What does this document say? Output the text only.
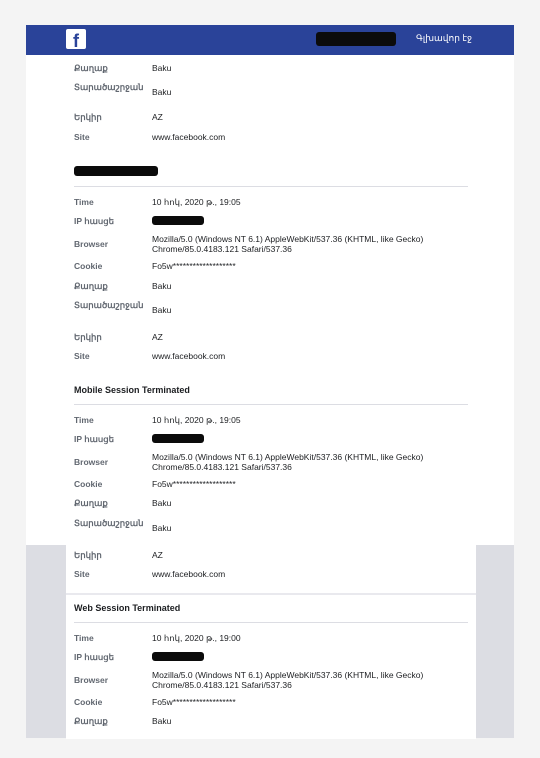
f	Գլխավոր էջ
Քաղաք	Baku
Տարածաշրջան Baku
Երկիր	AZ
Site	www.facebook.com
Time	10 հոկ, 2020 թ., 19:05
IP հասցե
Browser	Mozilla/5.0 (Windows NT 6.1) AppleWebKit/537.36 (KHTML, like Gecko) Chrome/85.0.4183.121 Safari/537.36
Cookie	Fo5w*******************
Քաղաք	Baku
Տարածաշրջան Baku
Երկիր	AZ
Site	www.facebook.com
Mobile Session Terminated
Time	10 հոկ, 2020 թ., 19:05
IP հասցե
Browser	Mozilla/5.0 (Windows NT 6.1) AppleWebKit/537.36 (KHTML, like Gecko) Chrome/85.0.4183.121 Safari/537.36
Cookie	Fo5w*******************
Քաղաք	Baku
Տարածաշրջան Baku
Երկիր	AZ
Site	www.facebook.com
Web Session Terminated
Time	10 հոկ, 2020 թ., 19:00
IP հասցե
Browser	Mozilla/5.0 (Windows NT 6.1) AppleWebKit/537.36 (KHTML, like Gecko) Chrome/85.0.4183.121 Safari/537.36
Cookie	Fo5w*******************
Քաղաք	Baku
